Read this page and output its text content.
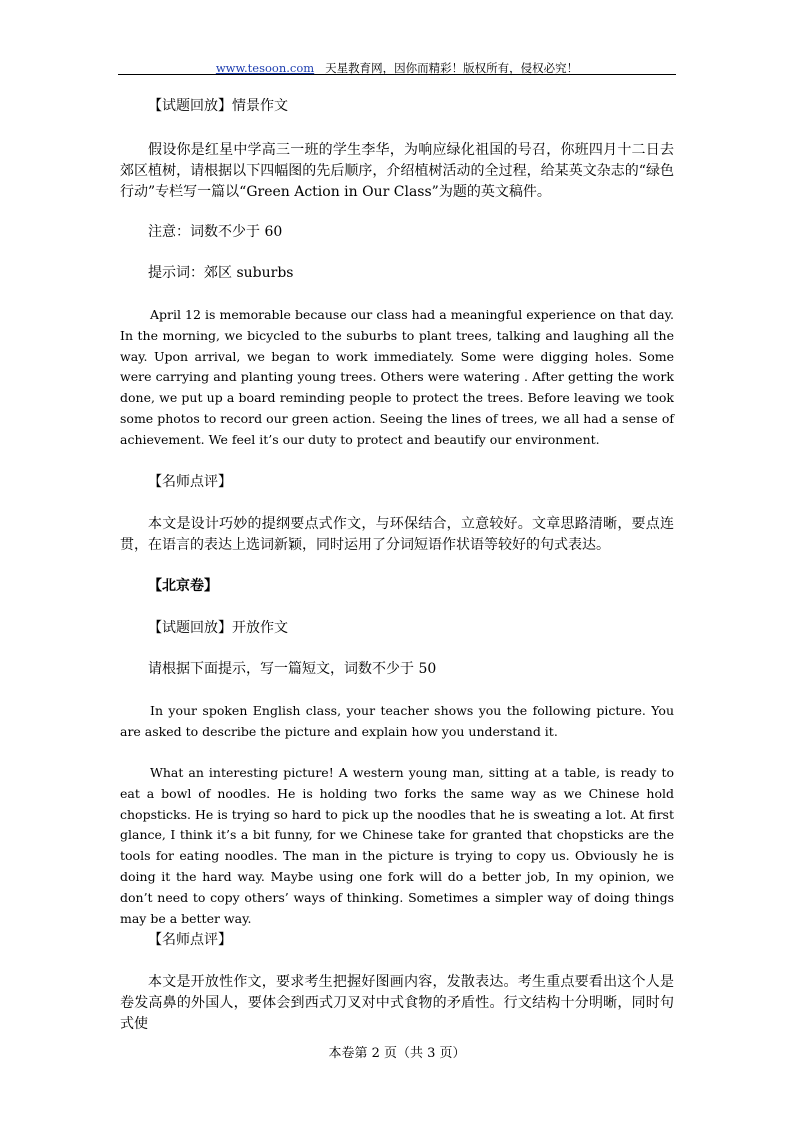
www.tesoon.com 天星教育网，因你而精彩！版权所有，侵权必究！

【试题回放】情景作文

假设你是红星中学高三一班的学生李华，为响应绿化祖国的号召，你班四月十二日去郊区植树，请根据以下四幅图的先后顺序，介绍植树活动的全过程，给某英文杂志的“绿色行动”专栏写一篇以“Green Action in Our Class”为题的英文稿件。

注意：词数不少于 60

提示词：郊区 suburbs

April 12 is memorable because our class had a meaningful experience on that day. In the morning, we bicycled to the suburbs to plant trees, talking and laughing all the way. Upon arrival, we began to work immediately. Some were digging holes. Some were carrying and planting young trees. Others were watering . After getting the work done, we put up a board reminding people to protect the trees. Before leaving we took some photos to record our green action. Seeing the lines of trees, we all had a sense of achievement. We feel it’s our duty to protect and beautify our environment.

【名师点评】

本文是设计巧妙的提纲要点式作文，与环保结合，立意较好。文章思路清晰，要点连贯，在语言的表达上选词新颖，同时运用了分词短语作状语等较好的句式表达。

【北京卷】

【试题回放】开放作文

请根据下面提示，写一篇短文，词数不少于 50

In your spoken English class, your teacher shows you the following picture. You are asked to describe the picture and explain how you understand it.

What an interesting picture! A western young man, sitting at a table, is ready to eat a bowl of noodles. He is holding two forks the same way as we Chinese hold chopsticks. He is trying so hard to pick up the noodles that he is sweating a lot. At first glance, I think it’s a bit funny, for we Chinese take for granted that chopsticks are the tools for eating noodles. The man in the picture is trying to copy us. Obviously he is doing it the hard way. Maybe using one fork will do a better job, In my opinion, we don’t need to copy others’ ways of thinking. Sometimes a simpler way of doing things may be a better way.

【名师点评】

本文是开放性作文，要求考生把握好图画内容，发散表达。考生重点要看出这个人是卷发高鼻的外国人，要体会到西式刀叉对中式食物的矛盾性。行文结构十分明晰，同时句式使

本卷第 2 页（共 3 页）
